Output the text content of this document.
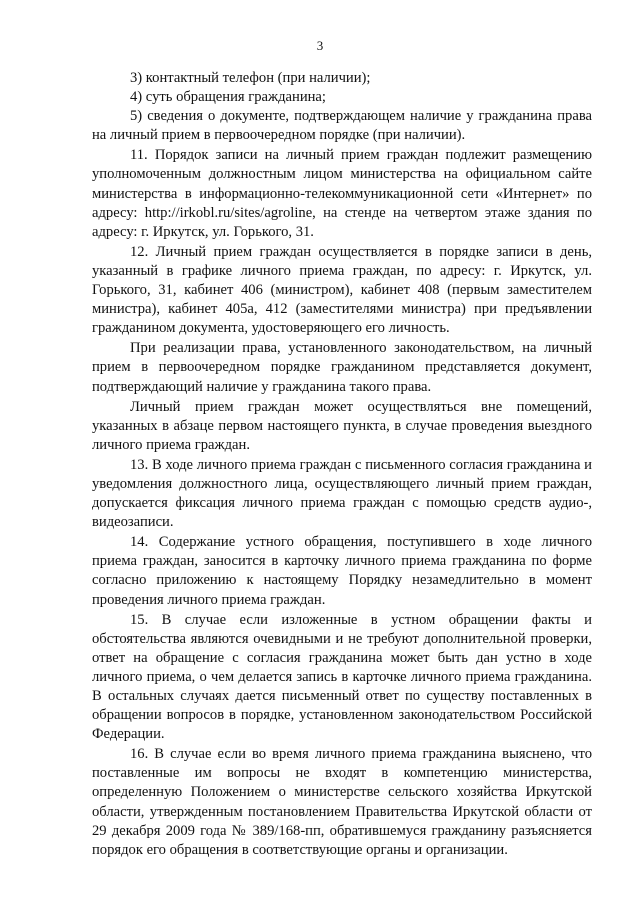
3

3) контактный телефон (при наличии);

4) суть обращения гражданина;

5) сведения о документе, подтверждающем наличие у гражданина права на личный прием в первоочередном порядке (при наличии).

11. Порядок записи на личный прием граждан подлежит размещению уполномоченным должностным лицом министерства на официальном сайте министерства в информационно-телекоммуникационной сети «Интернет» по адресу: http://irkobl.ru/sites/agroline, на стенде на четвертом этаже здания по адресу: г. Иркутск, ул. Горького, 31.

12. Личный прием граждан осуществляется в порядке записи в день, указанный в графике личного приема граждан, по адресу: г. Иркутск, ул. Горького, 31, кабинет 406 (министром), кабинет 408 (первым заместителем министра), кабинет 405а, 412 (заместителями министра) при предъявлении гражданином документа, удостоверяющего его личность.

При реализации права, установленного законодательством, на личный прием в первоочередном порядке гражданином представляется документ, подтверждающий наличие у гражданина такого права.

Личный прием граждан может осуществляться вне помещений, указанных в абзаце первом настоящего пункта, в случае проведения выездного личного приема граждан.

13. В ходе личного приема граждан с письменного согласия гражданина и уведомления должностного лица, осуществляющего личный прием граждан, допускается фиксация личного приема граждан с помощью средств аудио-, видеозаписи.

14. Содержание устного обращения, поступившего в ходе личного приема граждан, заносится в карточку личного приема гражданина по форме согласно приложению к настоящему Порядку незамедлительно в момент проведения личного приема граждан.

15. В случае если изложенные в устном обращении факты и обстоятельства являются очевидными и не требуют дополнительной проверки, ответ на обращение с согласия гражданина может быть дан устно в ходе личного приема, о чем делается запись в карточке личного приема гражданина. В остальных случаях дается письменный ответ по существу поставленных в обращении вопросов в порядке, установленном законодательством Российской Федерации.

16. В случае если во время личного приема гражданина выяснено, что поставленные им вопросы не входят в компетенцию министерства, определенную Положением о министерстве сельского хозяйства Иркутской области, утвержденным постановлением Правительства Иркутской области от 29 декабря 2009 года № 389/168-пп, обратившемуся гражданину разъясняется порядок его обращения в соответствующие органы и организации.
